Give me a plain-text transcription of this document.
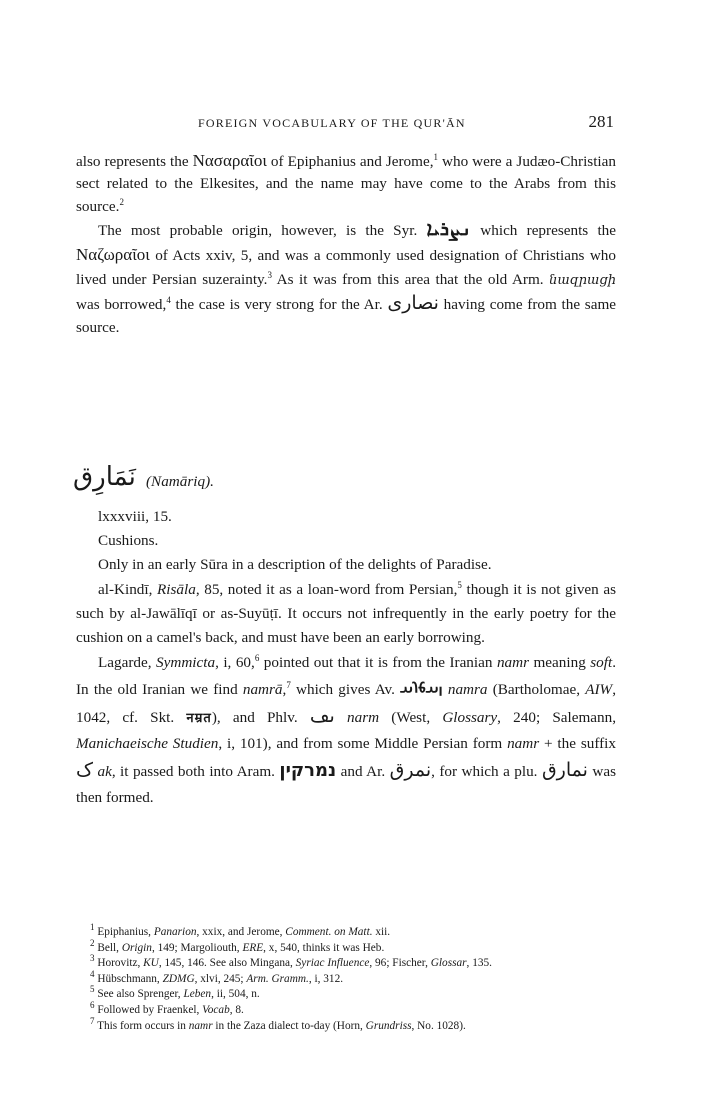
FOREIGN VOCABULARY OF THE QUR'ĀN	281

also represents the Νασαραῖοι of Epiphanius and Jerome,$^1$ who were a Judæo-Christian sect related to the Elkesites, and the name may have come to the Arabs from this source.$^2$

The most probable origin, however, is the Syr. ܢܨܪܝܐ which represents the Ναζωραῖοι of Acts xxiv, 5, and was a commonly used designation of Christians who lived under Persian suzerainty.$^3$ As it was from this area that the old Arm. նազրացի was borrowed,$^4$ the case is very strong for the Ar. نصارى having come from the same source.

نَمَارِق (Namāriq).

lxxxviii, 15.

Cushions.

Only in an early Sūra in a description of the delights of Paradise.

al-Kindī, Risāla, 85, noted it as a loan-word from Persian,$^5$ though it is not given as such by al-Jawālīqī or as-Suyūṭī. It occurs not infrequently in the early poetry for the cushion on a camel's back, and must have been an early borrowing.

Lagarde, Symmicta, i, 60,$^6$ pointed out that it is from the Iranian namr meaning soft. In the old Iranian we find namrā,$^7$ which gives Av. 𐬥𐬀𐬨𐬭𐬀 namra (Bartholomae, AIW, 1042, cf. Skt. नम्रत), and Phlv. ىڡ narm (West, Glossary, 240; Salemann, Manichaeische Studien, i, 101), and from some Middle Persian form namr + the suffix ک ak, it passed both into Aram. נמרקין and Ar. نمرق, for which a plu. نمارق was then formed.

$^1$ Epiphanius, Panarion, xxix, and Jerome, Comment. on Matt. xii.

$^2$ Bell, Origin, 149; Margoliouth, ERE, x, 540, thinks it was Heb.

$^3$ Horovitz, KU, 145, 146. See also Mingana, Syriac Influence, 96; Fischer, Glossar, 135.

$^4$ Hübschmann, ZDMG, xlvi, 245; Arm. Gramm., i, 312.

$^5$ See also Sprenger, Leben, ii, 504, n.

$^6$ Followed by Fraenkel, Vocab, 8.

$^7$ This form occurs in namr in the Zaza dialect to-day (Horn, Grundriss, No. 1028).
